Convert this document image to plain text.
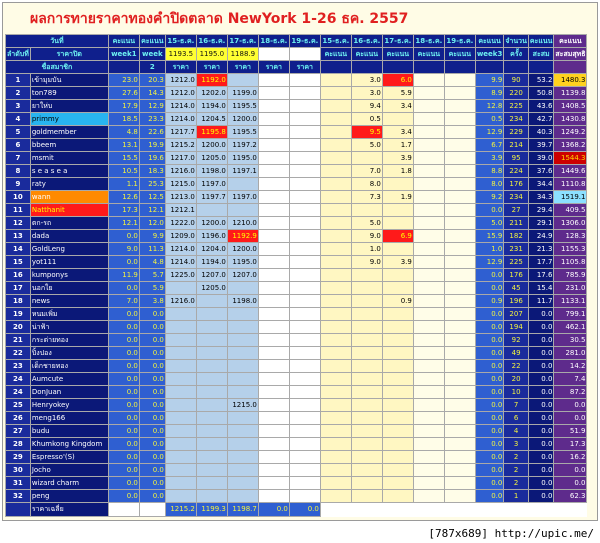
ผลการทายราคาทองคำปิดตลาด NewYork 1-26 ธค. 2557
วันที่		คะแนน	คะแนน	15-ธ.ค.	16-ธ.ค.	17-ธ.ค.	18-ธ.ค.	19-ธ.ค.	15-ธ.ค.	16-ธ.ค.	17-ธ.ค.	18-ธ.ค.	19-ธ.ค.	คะแนน	จำนวน	คะแนน	คะแนน
ลำดับที่	ราคาปิด	week1	week	1193.5	1195.0	1188.9			คะแนน	คะแนน	คะแนน	คะแนน	คะแนน	week3	ครั้ง	สะสม	สะสมสุทธิ
ชื่อสมาชิก			2	ราคา	ราคา	ราคา	ราคา	ราคา									
1	เข้ามุมบัน	23.0	20.3	1212.0	1192.0					3.0	6.0			9.9	90	53.2	1480.3
2	ton789	27.6	14.3	1212.0	1202.0	1199.0				3.0	5.9			8.9	220	50.8	1139.8
3	ยาให่บ	17.9	12.9	1214.0	1194.0	1195.5				9.4	3.4			12.8	225	43.6	1408.5
4	primmy	18.5	23.3	1214.0	1204.5	1200.0				0.5				0.5	234	42.7	1430.8
5	goldmember	4.8	22.6	1217.7	1195.8	1195.5				9.5	3.4			12.9	229	40.3	1249.2
6	bbeem	13.1	19.9	1215.2	1200.0	1197.2				5.0	1.7			6.7	214	39.7	1368.2
7	msmit	15.5	19.6	1217.0	1205.0	1195.0					3.9			3.9	95	39.0	1544.3
8	s e a s e a	10.5	18.3	1216.0	1198.0	1197.1				7.0	1.8			8.8	224	37.6	1449.6
9	raty	1.1	25.3	1215.0	1197.0					8.0				8.0	176	34.4	1110.8
10	wann	12.6	12.5	1213.0	1197.7	1197.0				7.3	1.9			9.2	234	34.3	1519.1
11	Natthanit	17.3	12.1	1212.1										0.0	27	29.4	409.5
12	ตก-รถ	12.1	12.0	1222.0	1200.0	1210.0				5.0				5.0	211	29.1	1306.0
13	dada	0.0	9.9	1209.0	1196.0	1192.9				9.0	6.9			15.9	182	24.9	128.3
14	GoldLeng	9.0	11.3	1214.0	1204.0	1200.0				1.0				1.0	231	21.3	1155.3
15	yot111	0.0	4.8	1214.0	1194.0	1195.0				9.0	3.9			12.9	225	17.7	1105.8
16	kumponys	11.9	5.7	1225.0	1207.0	1207.0								0.0	176	17.6	785.9
17	นอกใย	0.0	5.9		1205.0									0.0	45	15.4	231.0
18	news	7.0	3.8	1216.0		1198.0					0.9			0.9	196	11.7	1133.1
19	หนมเพิ่ม	0.0	0.0											0.0	207	0.0	799.1
20	น่าฟ้า	0.0	0.0											0.0	194	0.0	462.1
21	กระต่ายทอง	0.0	0.0											0.0	92	0.0	30.5
22	ปิ้งปอง	0.0	0.0											0.0	49	0.0	281.0
23	เด็กชายทอง	0.0	0.0											0.0	22	0.0	14.2
24	Aumcute	0.0	0.0											0.0	20	0.0	7.4
24	DonJuan	0.0	0.0											0.0	10	0.0	87.2
25	Henryokey	0.0	0.0			1215.0								0.0	7	0.0	0.0
26	meng166	0.0	0.0											0.0	6	0.0	0.0
27	budu	0.0	0.0											0.0	4	0.0	51.9
28	Khumkong Kingdom	0.0	0.0											0.0	3	0.0	17.3
29	Espresso'(S)	0.0	0.0											0.0	2	0.0	16.2
30	Jocho	0.0	0.0											0.0	2	0.0	0.0
31	wizard charm	0.0	0.0											0.0	2	0.0	0.0
32	peng	0.0	0.0											0.0	1	0.0	62.3
	ราคาเฉลี่ย			1215.2	1199.3	1198.7	0.0	0.0									
[787x689] http://upic.me/
